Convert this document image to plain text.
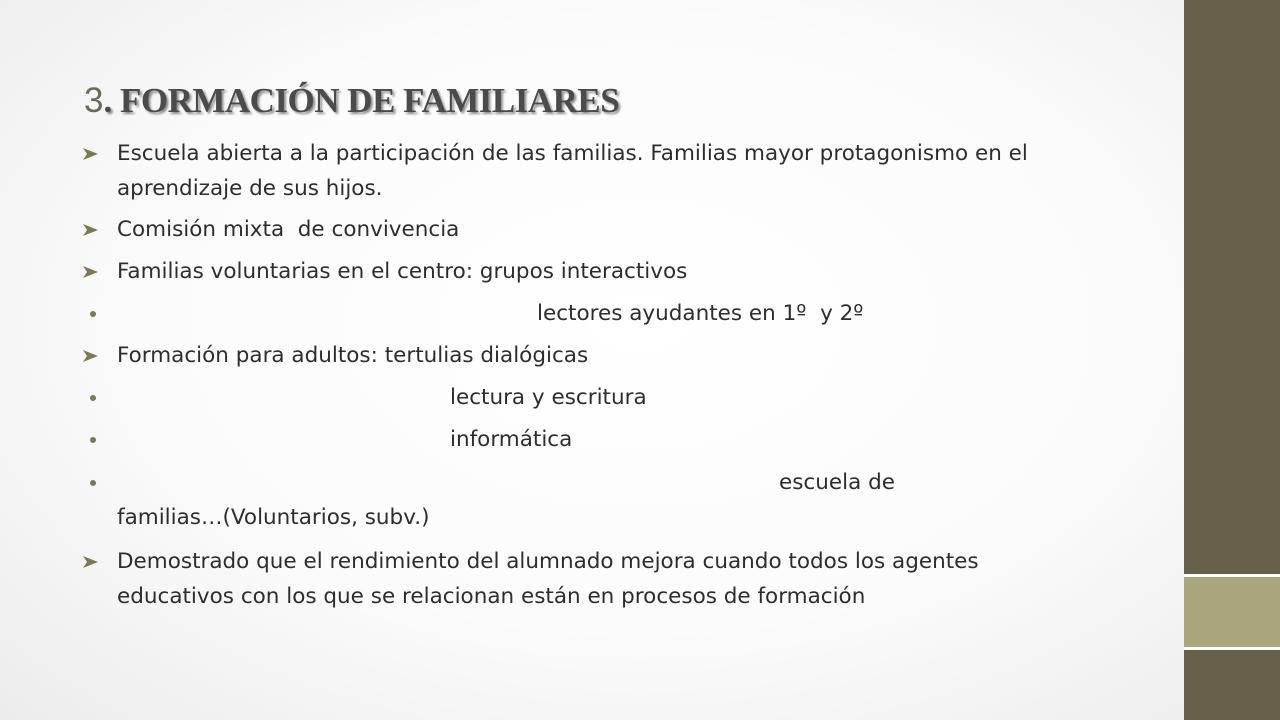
3. FORMACIÓN DE FAMILIARES
Escuela abierta a la participación de las familias. Familias mayor protagonismo en el
aprendizaje de sus hijos.
Comisión mixta  de convivencia
Familias voluntarias en el centro: grupos interactivos
lectores ayudantes en 1º  y 2º
Formación para adultos: tertulias dialógicas
lectura y escritura
informática
escuela de
familias…(Voluntarios, subv.)
Demostrado que el rendimiento del alumnado mejora cuando todos los agentes
educativos con los que se relacionan están en procesos de formación
